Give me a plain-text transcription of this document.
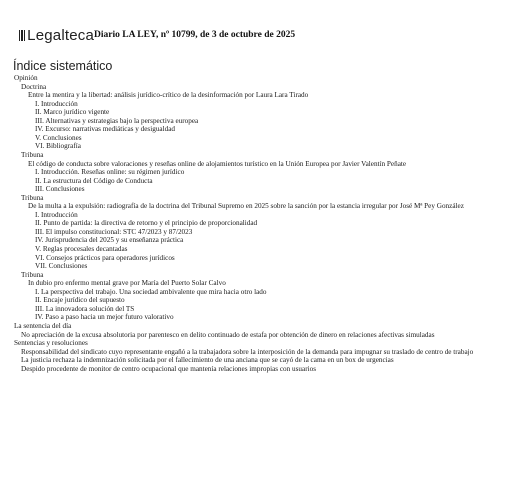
Legalteca Diario LA LEY, nº 10799, de 3 de octubre de 2025
Índice sistemático
Opinión
Doctrina
Entre la mentira y la libertad: análisis jurídico-crítico de la desinformación por Laura Lara Tirado
I. Introducción
II. Marco jurídico vigente
III. Alternativas y estrategias bajo la perspectiva europea
IV. Excurso: narrativas mediáticas y desigualdad
V. Conclusiones
VI. Bibliografía
Tribuna
El código de conducta sobre valoraciones y reseñas online de alojamientos turístico en la Unión Europea por Javier Valentín Peñate
I. Introducción. Reseñas online: su régimen jurídico
II. La estructura del Código de Conducta
III. Conclusiones
Tribuna
De la multa a la expulsión: radiografía de la doctrina del Tribunal Supremo en 2025 sobre la sanción por la estancia irregular por José Mª Pey González
I. Introducción
II. Punto de partida: la directiva de retorno y el principio de proporcionalidad
III. El impulso constitucional: STC 47/2023 y 87/2023
IV. Jurisprudencia del 2025 y su enseñanza práctica
V. Reglas procesales decantadas
VI. Consejos prácticos para operadores jurídicos
VII. Conclusiones
Tribuna
In dubio pro enfermo mental grave por María del Puerto Solar Calvo
I. La perspectiva del trabajo. Una sociedad ambivalente que mira hacia otro lado
II. Encaje jurídico del supuesto
III. La innovadora solución del TS
IV. Paso a paso hacia un mejor futuro valorativo
La sentencia del día
No apreciación de la excusa absolutoria por parentesco en delito continuado de estafa por obtención de dinero en relaciones afectivas simuladas
Sentencias y resoluciones
Responsabilidad del sindicato cuyo representante engañó a la trabajadora sobre la interposición de la demanda para impugnar su traslado de centro de trabajo
La justicia rechaza la indemnización solicitada por el fallecimiento de una anciana que se cayó de la cama en un box de urgencias
Despido procedente de monitor de centro ocupacional que mantenía relaciones impropias con usuarios
